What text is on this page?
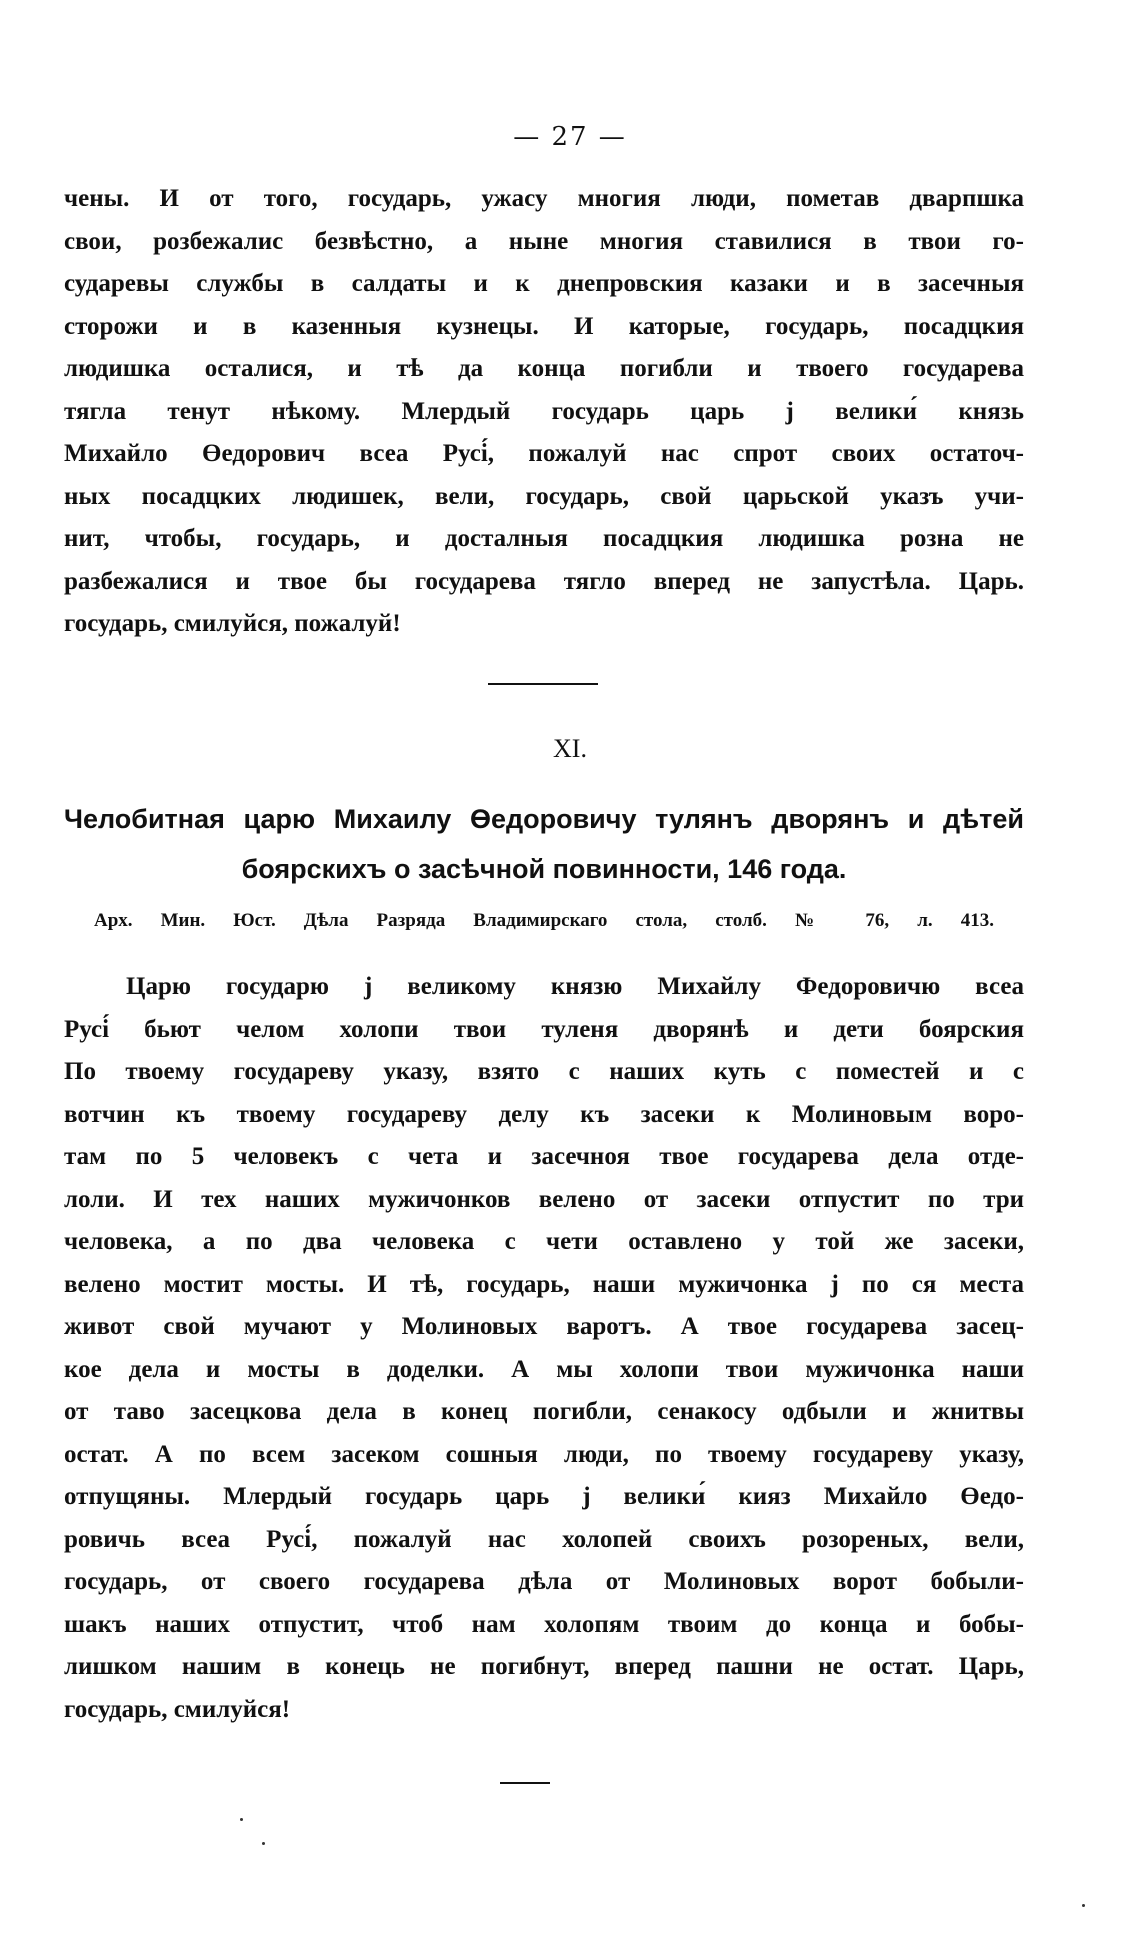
— 27 —
чены. И от того, государь, ужасу многия люди, пометав дварпшка
свои, розбежалис безвѣстно, а ныне многия ставилися в твои го-
сударевы службы в салдаты и к днепровския казаки и в засечныя
сторожи и в казенныя кузнецы. И каторые, государь, посадцкия
людишка осталися, и тѣ да конца погибли и твоего государева
тягла тенут нѣкому. Млердый государь царь ј велики́ князь
Михайло Өедорович всеа Русі́, пожалуй нас спрот своих остаточ-
ных посадцких людишек, вели, государь, свой царьской указъ учи-
нит, чтобы, государь, и досталныя посадцкия людишка розна не
разбежалися и твое бы государева тягло вперед не запустѣла. Царь.
государь, смилуйся, пожалуй!
XI.
Челобитная царю Михаилу Өедоровичу тулянъ дворянъ и дѣтей
боярскихъ о засѣчной повинности, 146 года.
Арх. Мин. Юст. Дѣла Разряда Владимирскаго стола, столб. № 76, л. 413.
Царю государю ј великому князю Михайлу Федоровичю всеа
Русі́ бьют челом холопи твои туленя дворянѣ и дети боярския
По твоему государеву указу, взято с наших куть с поместей и с
вотчин къ твоему государеву делу къ засеки к Молиновым воро-
там по 5 человекъ с чета и засечноя твое государева дела отде-
лоли. И тех наших мужичонков велено от засеки отпустит по три
человека, а по два человека с чети оставлено у той же засеки,
велено мостит мосты. И тѣ, государь, наши мужичонка ј по ся места
живот свой мучают у Молиновых варотъ. А твое государева засец-
кое дела и мосты в доделки. А мы холопи твои мужичонка наши
от таво засецкова дела в конец погибли, сенакосу одбыли и жнитвы
остат. А по всем засеком сошныя люди, по твоему государеву указу,
отпущяны. Млердый государь царь ј велики́ кияз Михайло Өедо-
ровичь всеа Русі́, пожалуй нас холопей своихъ розореных, вели,
государь, от своего государева дѣла от Молиновых ворот бобыли-
шакъ наших отпустит, чтоб нам холопям твоим до конца и бобы-
лишком нашим в конець не погибнут, вперед пашни не остат. Царь,
государь, смилуйся!
